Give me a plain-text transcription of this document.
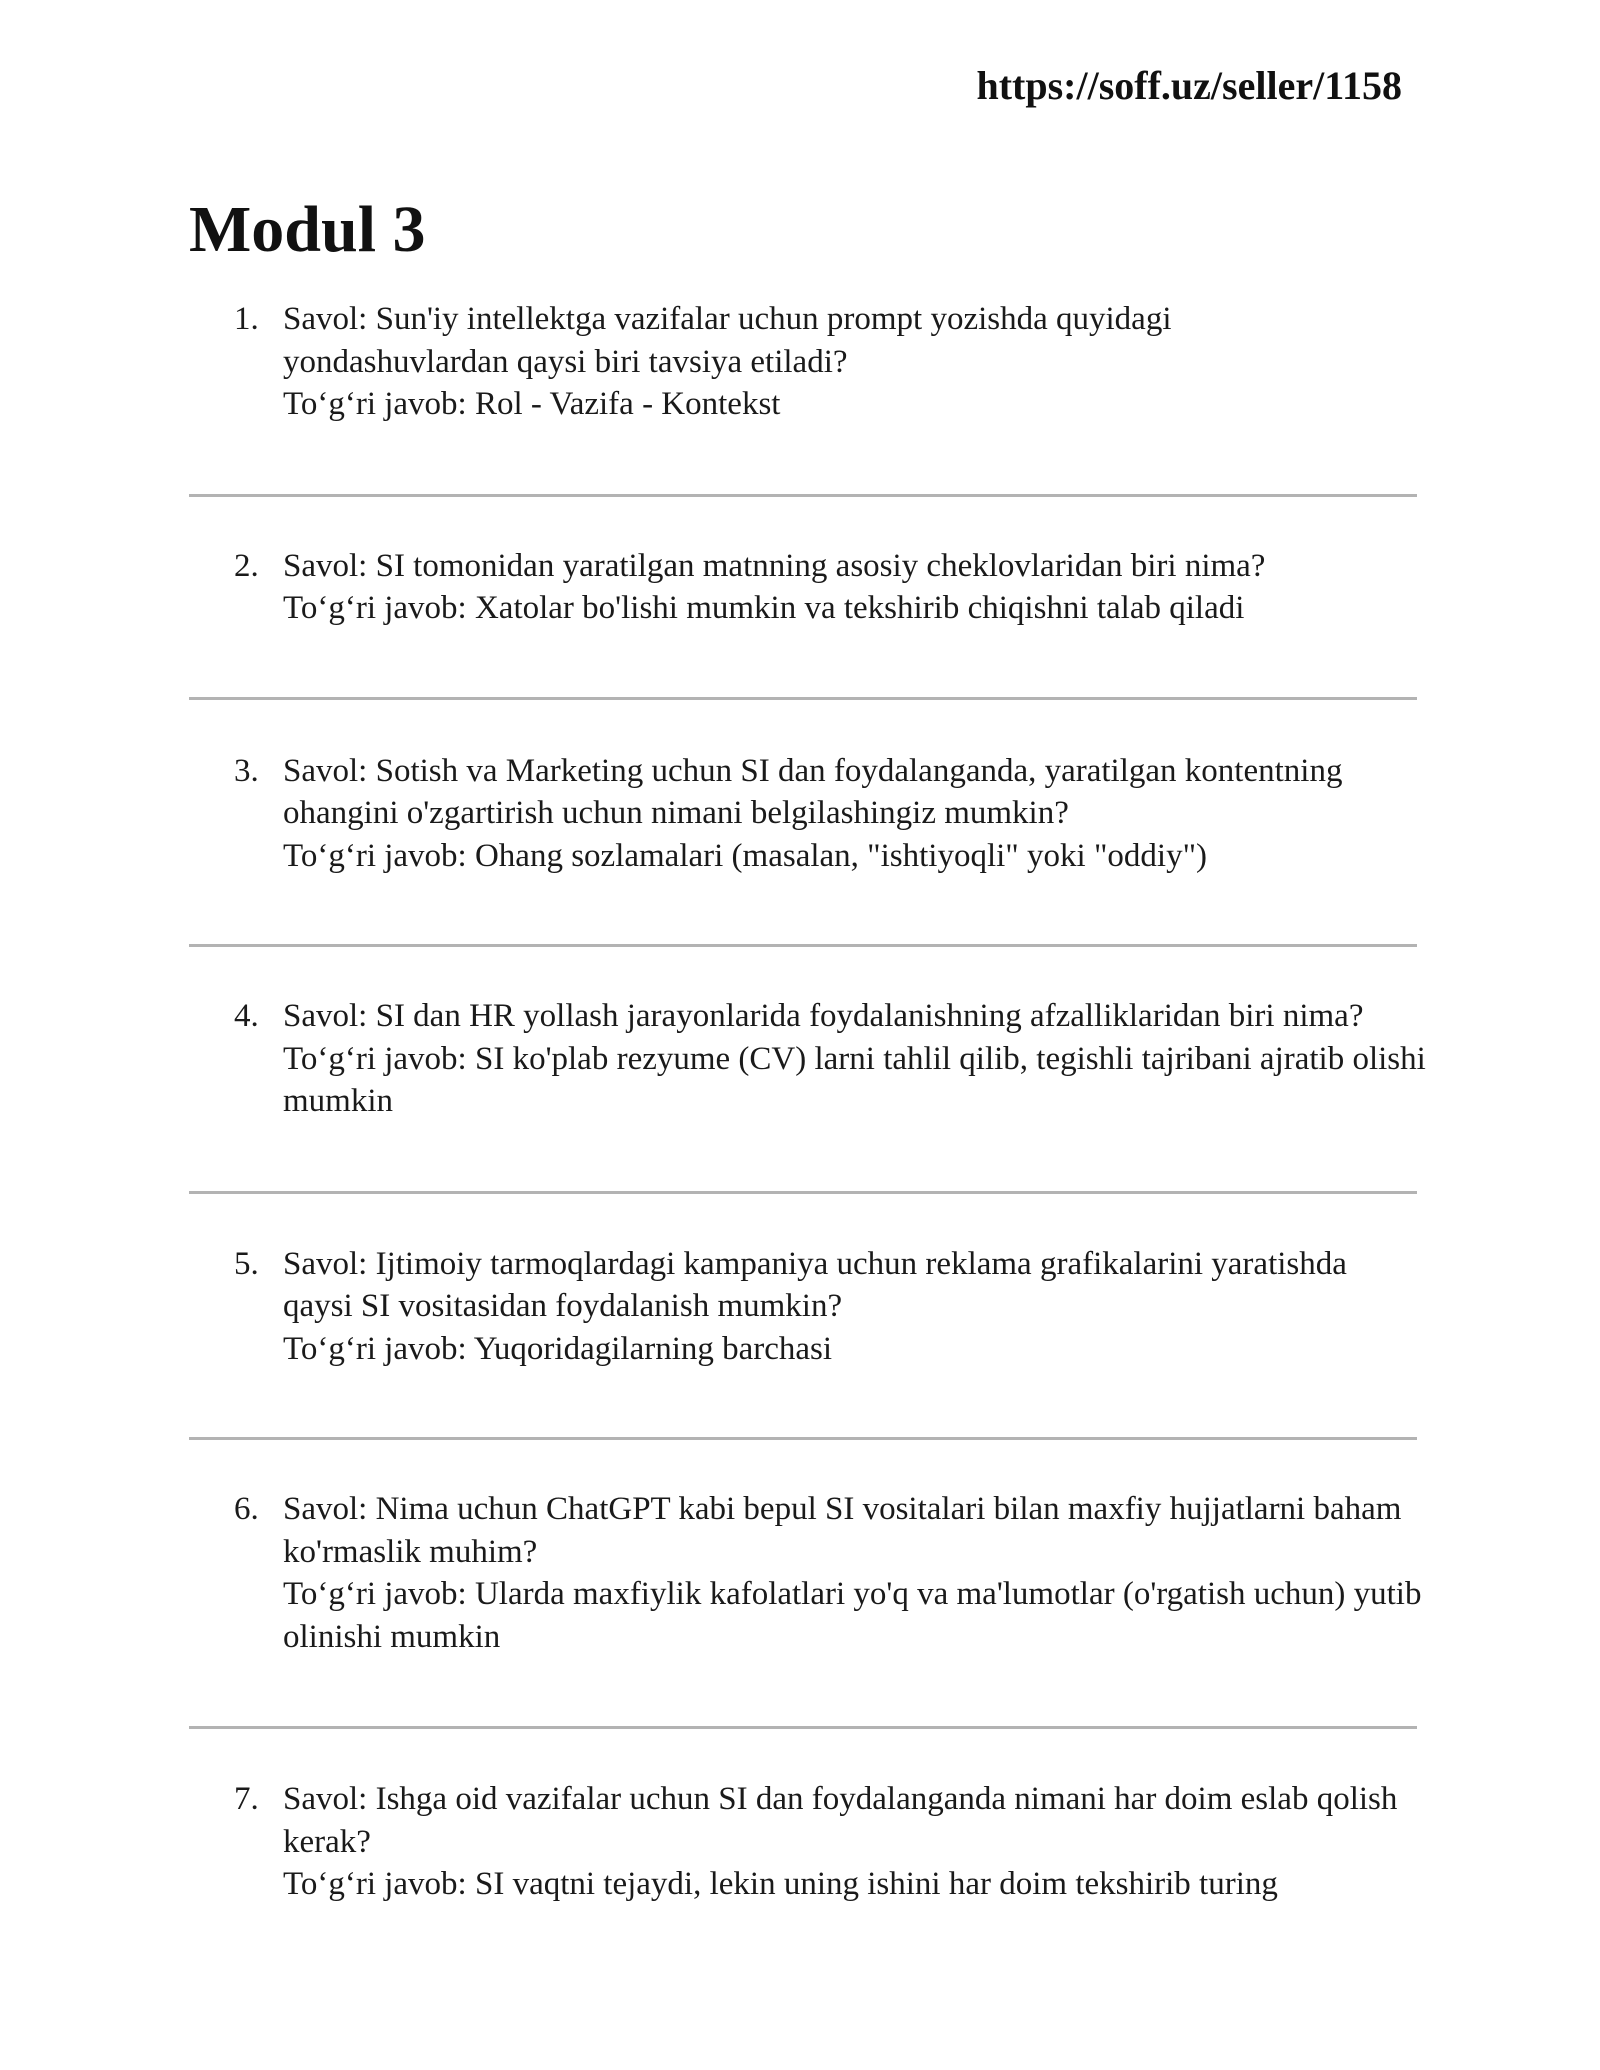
https://soff.uz/seller/1158
Modul 3
1. Savol: Sun'iy intellektga vazifalar uchun prompt yozishda quyidagi yondashuvlardan qaysi biri tavsiya etiladi?
To‘g‘ri javob: Rol - Vazifa - Kontekst
2. Savol: SI tomonidan yaratilgan matnning asosiy cheklovlaridan biri nima?
To‘g‘ri javob: Xatolar bo'lishi mumkin va tekshirib chiqishni talab qiladi
3. Savol: Sotish va Marketing uchun SI dan foydalanganda, yaratilgan kontentning ohangini o'zgartirish uchun nimani belgilashingiz mumkin?
To‘g‘ri javob: Ohang sozlamalari (masalan, "ishtiyoqli" yoki "oddiy")
4. Savol: SI dan HR yollash jarayonlarida foydalanishning afzalliklaridan biri nima?
To‘g‘ri javob: SI ko'plab rezyume (CV) larni tahlil qilib, tegishli tajribani ajratib olishi mumkin
5. Savol: Ijtimoiy tarmoqlardagi kampaniya uchun reklama grafikalarini yaratishda qaysi SI vositasidan foydalanish mumkin?
To‘g‘ri javob: Yuqoridagilarning barchasi
6. Savol: Nima uchun ChatGPT kabi bepul SI vositalari bilan maxfiy hujjatlarni baham ko'rmaslik muhim?
To‘g‘ri javob: Ularda maxfiylik kafolatlari yo'q va ma'lumotlar (o'rgatish uchun) yutib olinishi mumkin
7. Savol: Ishga oid vazifalar uchun SI dan foydalanganda nimani har doim eslab qolish kerak?
To‘g‘ri javob: SI vaqtni tejaydi, lekin uning ishini har doim tekshirib turing
